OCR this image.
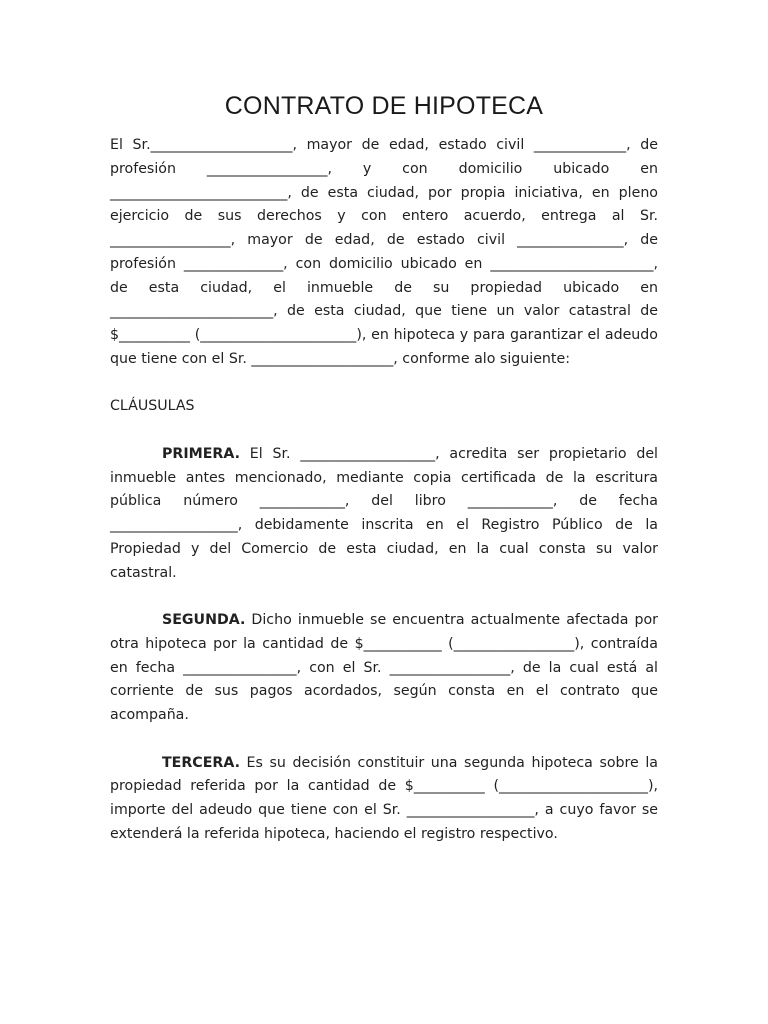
CONTRATO DE HIPOTECA

El Sr.____________________, mayor de edad, estado civil _____________, de profesión _________________, y con domicilio ubicado en _________________________, de esta ciudad, por propia iniciativa, en pleno ejercicio de sus derechos y con entero acuerdo, entrega al Sr. _________________, mayor de edad, de estado civil _______________, de profesión ______________, con domicilio ubicado en _______________________, de esta ciudad, el inmueble de su propiedad ubicado en _______________________, de esta ciudad, que tiene un valor catastral de $__________ (______________________), en hipoteca y para garantizar el adeudo que tiene con el Sr. ____________________, conforme alo siguiente:

CLÁUSULAS

PRIMERA. El Sr. ___________________, acredita ser propietario del inmueble antes mencionado, mediante copia certificada de la escritura pública número ____________, del libro ____________, de fecha __________________, debidamente inscrita en el Registro Público de la Propiedad y del Comercio de esta ciudad, en la cual consta su valor catastral.

SEGUNDA. Dicho inmueble se encuentra actualmente afectada por otra hipoteca por la cantidad de $___________ (_________________), contraída en fecha ________________, con el Sr. _________________, de la cual está al corriente de sus pagos acordados, según consta en el contrato que acompaña.

TERCERA. Es su decisión constituir una segunda hipoteca sobre la propiedad referida por la cantidad de $__________ (_____________________), importe del adeudo que tiene con el Sr. __________________, a cuyo favor se extenderá la referida hipoteca, haciendo el registro respectivo.
